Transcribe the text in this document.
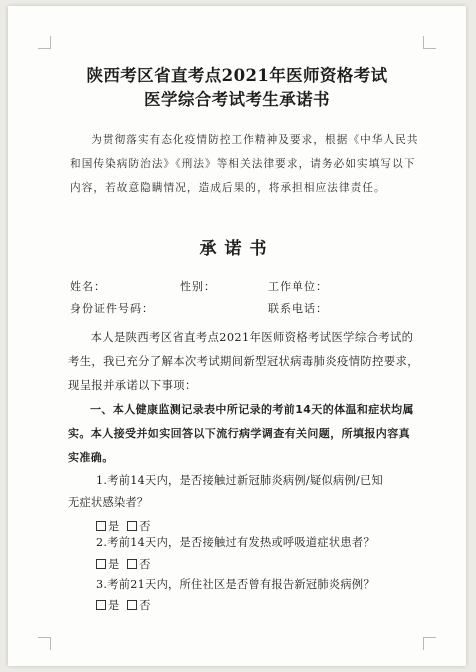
陕西考区省直考点2021年医师资格考试
医学综合考试考生承诺书

为贯彻落实有态化疫情防控工作精神及要求，根据《中华人民共和国传染病防治法》《刑法》等相关法律要求，请务必如实填写以下内容，若故意隐瞒情况，造成后果的，将承担相应法律责任。

承诺书
姓名：	性别：	工作单位：
身份证件号码：	联系电话：
本人是陕西考区省直考点2021年医师资格考试医学综合考试的考生，我已充分了解本次考试期间新型冠状病毒肺炎疫情防控要求，现呈报并承诺以下事项：
一、本人健康监测记录表中所记录的考前14天的体温和症状均属实。本人接受并如实回答以下流行病学调查有关问题，所填报内容真实准确。
1.考前14天内，是否接触过新冠肺炎病例/疑似病例/已知
无症状感染者？
是 否
2.考前14天内，是否接触过有发热或呼吸道症状患者？
是 否
3.考前21天内，所住社区是否曾有报告新冠肺炎病例？
是 否
